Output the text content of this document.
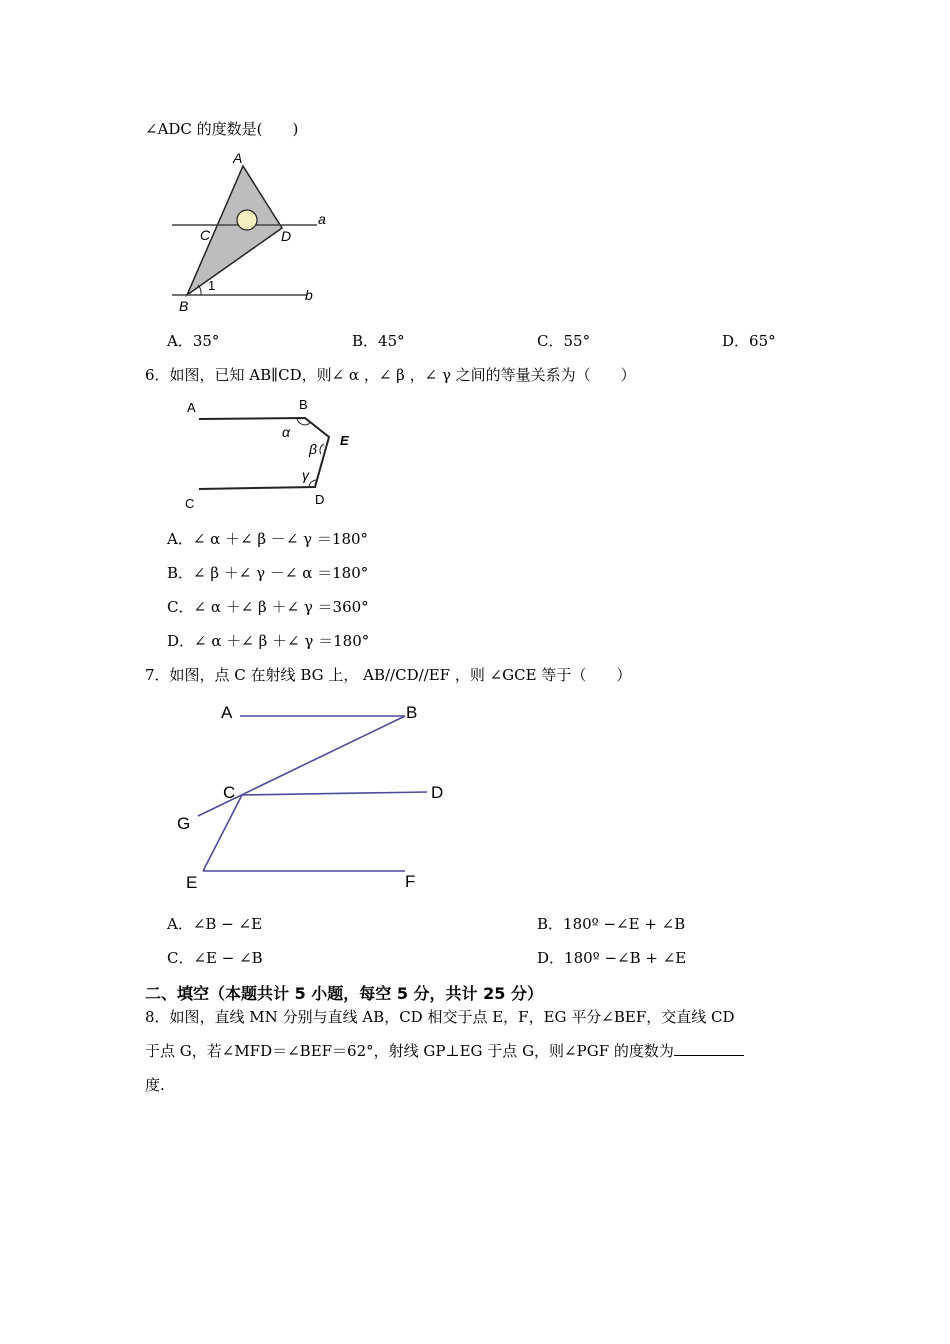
∠ADC 的度数是(　　)
A
a
C	D
1
B
b
A．35°	B．45°	C．55°	D．65°
6．如图，已知 AB∥CD，则∠ α ，∠ β ，∠ γ 之间的等量关系为（　　）
A	B
E
C	D
α
β
γ
A．∠ α ＋∠ β －∠ γ ＝180°
B．∠ β ＋∠ γ －∠ α ＝180°
C．∠ α ＋∠ β ＋∠ γ ＝360°
D．∠ α ＋∠ β ＋∠ γ ＝180°
7．如图，点 C 在射线 BG 上， AB//CD//EF ，则 ∠GCE 等于（　　）
A	B
C	D
G
E	F
A．∠B − ∠E	B．180º −∠E + ∠B
C．∠E − ∠B	D．180º −∠B + ∠E
二、填空（本题共计 5 小题，每空 5 分，共计 25 分）
8．如图，直线 MN 分别与直线 AB，CD 相交于点 E，F，EG 平分∠BEF，交直线 CD
于点 G，若∠MFD＝∠BEF＝62°，射线 GP⊥EG 于点 G，则∠PGF 的度数为
度.
